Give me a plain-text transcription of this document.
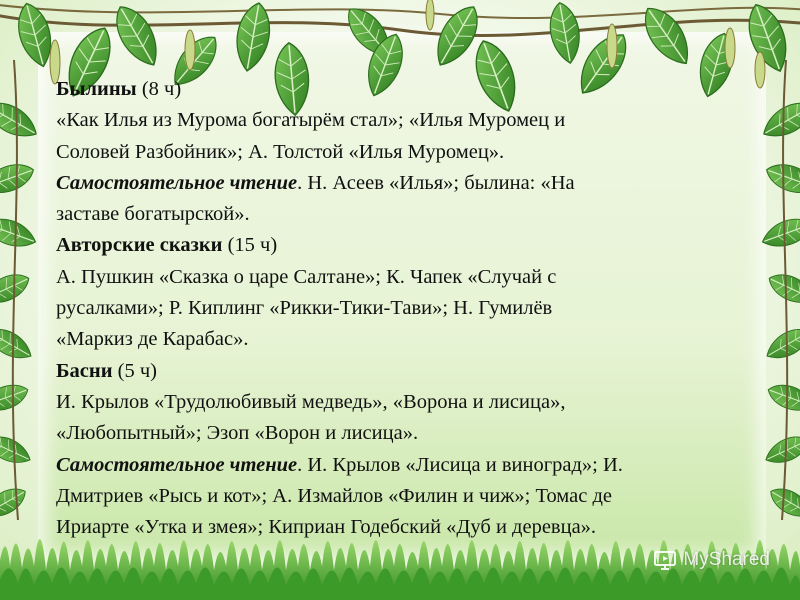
Былины (8 ч)
«Как Илья из Мурома богатырём стал»; «Илья Муромец и
Соловей Разбойник»; А. Толстой «Илья Муромец».

Самостоятельное чтение. Н. Асеев «Илья»; былина: «На
заставе богатырской».

Авторские сказки (15 ч)
А. Пушкин «Сказка о царе Салтане»; К. Чапек «Случай с
русалками»; Р. Киплинг «Рикки-Тики-Тави»; Н. Гумилёв
«Маркиз де Карабас».

Басни (5 ч)
И. Крылов «Трудолюбивый медведь», «Ворона и лисица»,
«Любопытный»; Эзоп «Ворон и лисица».

Самостоятельное чтение. И. Крылов «Лисица и виноград»; И.
Дмитриев «Рысь и кот»; А. Измайлов «Филин и чиж»; Томас де
Ириарте «Утка и змея»; Киприан Годебский «Дуб и деревца».

MyShared
